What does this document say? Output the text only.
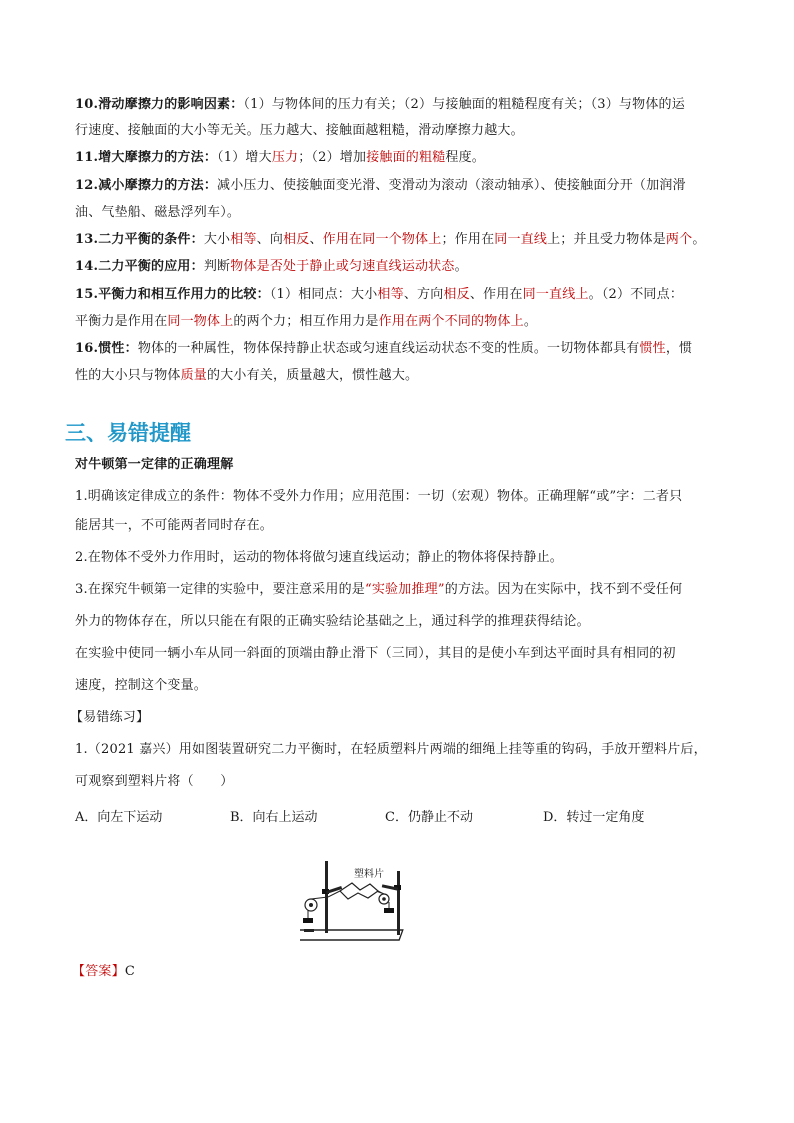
10.滑动摩擦力的影响因素：（1）与物体间的压力有关；（2）与接触面的粗糙程度有关；（3）与物体的运
行速度、接触面的大小等无关。压力越大、接触面越粗糙，滑动摩擦力越大。
11.增大摩擦力的方法：（1）增大压力；（2）增加接触面的粗糙程度。
12.减小摩擦力的方法：减小压力、使接触面变光滑、变滑动为滚动（滚动轴承）、使接触面分开（加润滑
油、气垫船、磁悬浮列车）。
13.二力平衡的条件：大小相等、向相反、作用在同一个物体上；作用在同一直线上；并且受力物体是两个。
14.二力平衡的应用：判断物体是否处于静止或匀速直线运动状态。
15.平衡力和相互作用力的比较：（1）相同点：大小相等、方向相反、作用在同一直线上。（2）不同点：
平衡力是作用在同一物体上的两个力；相互作用力是作用在两个不同的物体上。
16.惯性：物体的一种属性，物体保持静止状态或匀速直线运动状态不变的性质。一切物体都具有惯性，惯
性的大小只与物体质量的大小有关，质量越大，惯性越大。
三、易错提醒
对牛顿第一定律的正确理解
1.明确该定律成立的条件：物体不受外力作用；应用范围：一切（宏观）物体。正确理解“或”字：二者只
能居其一，不可能两者同时存在。
2.在物体不受外力作用时，运动的物体将做匀速直线运动；静止的物体将保持静止。
3.在探究牛顿第一定律的实验中，要注意采用的是“实验加推理”的方法。因为在实际中，找不到不受任何
外力的物体存在，所以只能在有限的正确实验结论基础之上，通过科学的推理获得结论。
在实验中使同一辆小车从同一斜面的顶端由静止滑下（三同），其目的是使小车到达平面时具有相同的初
速度，控制这个变量。
【易错练习】
1.（2021 嘉兴）用如图装置研究二力平衡时，在轻质塑料片两端的细绳上挂等重的钩码，手放开塑料片后，
可观察到塑料片将（　　）
A．向左下运动	B．向右上运动	C．仍静止不动	D．转过一定角度
塑料片
【答案】C
